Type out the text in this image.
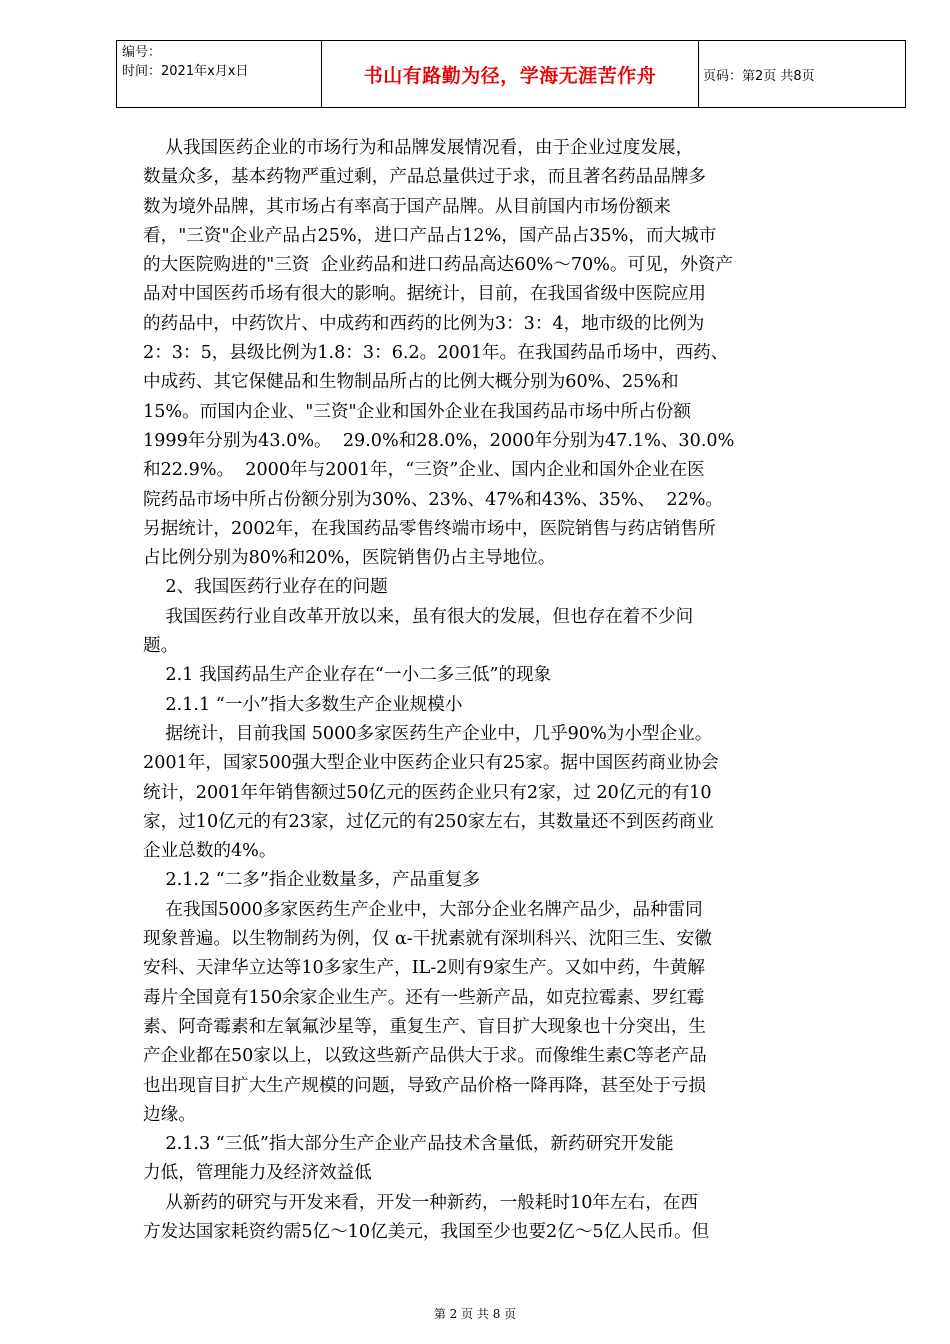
编号：
时间：2021年x月x日	书山有路勤为径，学海无涯苦作舟	页码：第2页 共8页
从我国医药企业的市场行为和品牌发展情况看，由于企业过度发展，
数量众多，基本药物严重过剩，产品总量供过于求，而且著名药品品牌多
数为境外品牌，其市场占有率高于国产品牌。从目前国内市场份额来
看，"三资"企业产品占25%，进口产品占12%，国产品占35%，而大城市
的大医院购进的"三资  企业药品和进口药品高达60%～70%。可见，外资产
品对中国医药币场有很大的影响。据统计，目前，在我国省级中医院应用
的药品中，中药饮片、中成药和西药的比例为3：3：4，地市级的比例为
2：3：5，县级比例为1.8：3：6.2。2001年。在我国药品币场中，西药、
中成药、其它保健品和生物制品所占的比例大概分别为60%、25%和
15%。而国内企业、"三资"企业和国外企业在我国药品市场中所占份额
1999年分别为43.0%。  29.0%和28.0%，2000年分别为47.1%、30.0%
和22.9%。  2000年与2001年，“三资”企业、国内企业和国外企业在医
院药品市场中所占份额分别为30%、23%、47%和43%、35%、  22%。
另据统计，2002年，在我国药品零售终端市场中，医院销售与药店销售所
占比例分别为80%和20%，医院销售仍占主导地位。
2、我国医药行业存在的问题
我国医药行业自改革开放以来，虽有很大的发展，但也存在着不少问
题。
2.1 我国药品生产企业存在“一小二多三低”的现象
2.1.1 “一小”指大多数生产企业规模小
据统计，目前我国 5000多家医药生产企业中，几乎90%为小型企业。
2001年，国家500强大型企业中医药企业只有25家。据中国医药商业协会
统计，2001年年销售额过50亿元的医药企业只有2家，过 20亿元的有10
家，过10亿元的有23家，过亿元的有250家左右，其数量还不到医药商业
企业总数的4%。
2.1.2 “二多”指企业数量多，产品重复多
在我国5000多家医药生产企业中，大部分企业名牌产品少，品种雷同
现象普遍。以生物制药为例，仅 α-干扰素就有深圳科兴、沈阳三生、安徽
安科、天津华立达等10多家生产，IL-2则有9家生产。又如中药，牛黄解
毒片全国竟有150余家企业生产。还有一些新产品，如克拉霉素、罗红霉
素、阿奇霉素和左氧氟沙星等，重复生产、盲目扩大现象也十分突出，生
产企业都在50家以上，以致这些新产品供大于求。而像维生素C等老产品
也出现盲目扩大生产规模的问题，导致产品价格一降再降，甚至处于亏损
边缘。
2.1.3 “三低”指大部分生产企业产品技术含量低，新药研究开发能
力低，管理能力及经济效益低
从新药的研究与开发来看，开发一种新药，一般耗时10年左右，在西
方发达国家耗资约需5亿～10亿美元，我国至少也要2亿～5亿人民币。但
第 2 页 共 8 页
